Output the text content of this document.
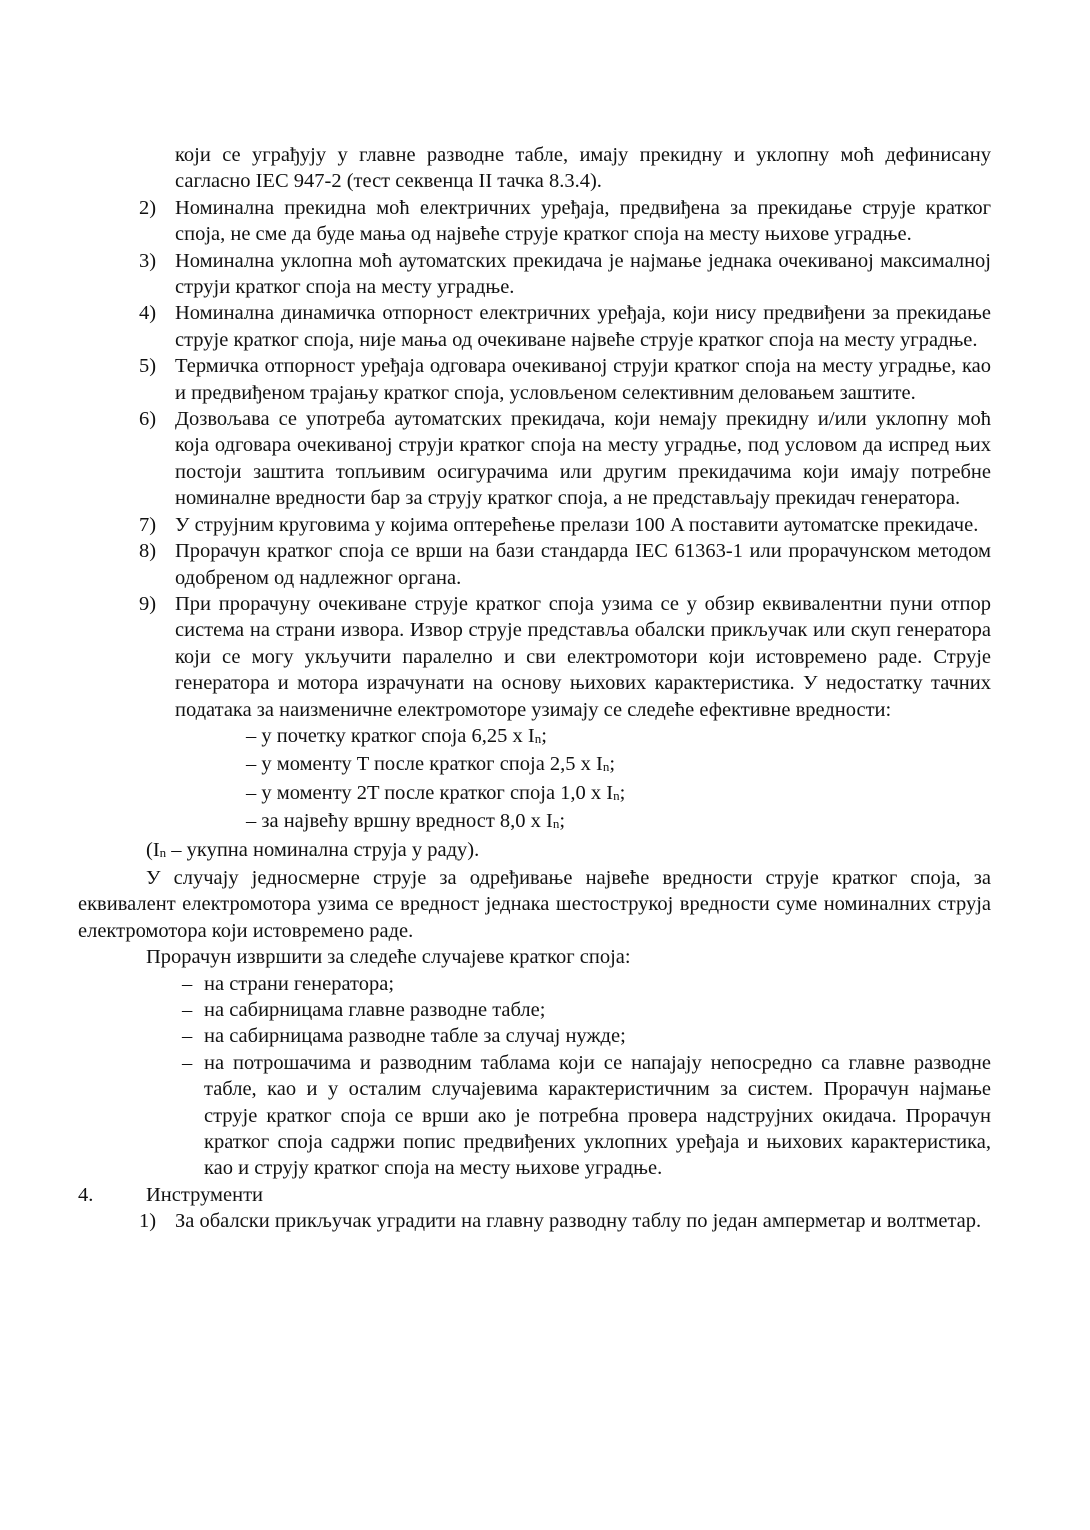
који се уграђују у главне разводне табле, имају прекидну и уклопну моћ дефинисану сагласно IEC 947-2 (тест секвенца II тачка 8.3.4).

2) Номинална прекидна моћ електричних уређаја, предвиђена за прекидање струје кратког споја, не сме да буде мања од највеће струје кратког споја на месту њихове уградње.

3) Номинална уклопна моћ аутоматских прекидача је најмање једнака очекиваној максималној струји кратког споја на месту уградње.

4) Номинална динамичка отпорност електричних уређаја, који нису предвиђени за прекидање струје кратког споја, није мања од очекиване највеће струје кратког споја на месту уградње.

5) Термичка отпорност уређаја одговара очекиваној струји кратког споја на месту уградње, као и предвиђеном трајању кратког споја, условљеном селективним деловањем заштите.

6) Дозвољава се употреба аутоматских прекидача, који немају прекидну и/или уклопну моћ која одговара очекиваној струји кратког споја на месту уградње, под условом да испред њих постоји заштита топљивим осигурачима или другим прекидачима који имају потребне номиналне вредности бар за струју кратког споја, а не представљају прекидач генератора.

7) У струјним круговима у којима оптерећење прелази 100 A поставити аутоматске прекидаче.

8) Прорачун кратког споја се врши на бази стандарда IEC 61363-1 или прорачунском методом одобреном од надлежног органа.

9) При прорачуну очекиване струје кратког споја узима се у обзир еквивалентни пуни отпор система на страни извора. Извор струје представља обалски прикључак или скуп генератора који се могу укључити паралелно и сви електромотори који истовремено раде. Струје генератора и мотора израчунати на основу њихових карактеристика. У недостатку тачних података за наизменичне електромоторе узимају се следеће ефективне вредности:

– у почетку кратког споја 6,25 x $I_n$;

– у моменту T после кратког споја 2,5 x $I_n$;

– у моменту 2T после кратког споја 1,0 x $I_n$;

– за највећу вршну вредност 8,0 x $I_n$;

($I_n$ – укупна номинална струја у раду).

У случају једносмерне струје за одређивање највеће вредности струје кратког споја, за еквивалент електромотора узима се вредност једнака шестострукој вредности суме номиналних струја електромотора који истовремено раде.

Прорачун извршити за следеће случајеве кратког споја:

– на страни генератора;

– на сабирницама главне разводне табле;

– на сабирницама разводне табле за случај нужде;

– на потрошачима и разводним таблама који се напајају непосредно са главне разводне табле, као и у осталим случајевима карактеристичним за систем. Прорачун најмање струје кратког споја се врши ако је потребна провера надструјних окидача. Прорачун кратког споја садржи попис предвиђених уклопних уређаја и њихових карактеристика, као и струју кратког споја на месту њихове уградње.

4.	Инструменти

1) За обалски прикључак уградити на главну разводну таблу по један амперметар и волтметар.
